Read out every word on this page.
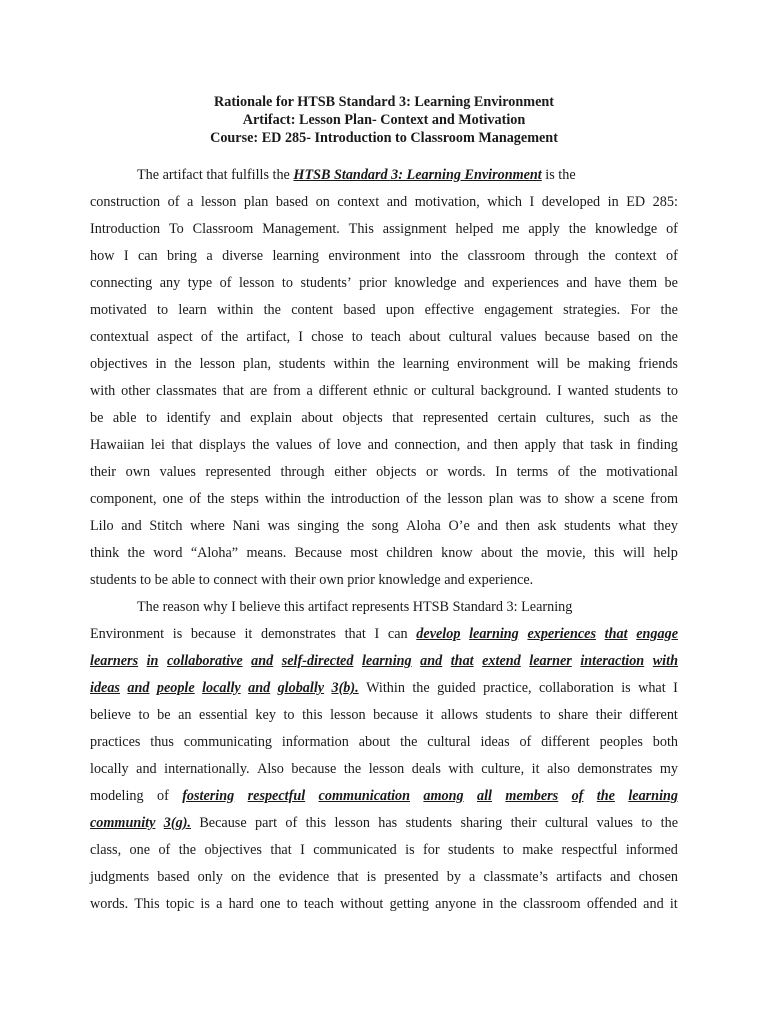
Rationale for HTSB Standard 3: Learning Environment
Artifact: Lesson Plan- Context and Motivation
Course: ED 285- Introduction to Classroom Management
The artifact that fulfills the HTSB Standard 3: Learning Environment is the
construction of a lesson plan based on context and motivation, which I developed in ED 285:
Introduction To Classroom Management. This assignment helped me apply the knowledge of
how I can bring a diverse learning environment into the classroom through the context of
connecting any type of lesson to students’ prior knowledge and experiences and have them be
motivated to learn within the content based upon effective engagement strategies. For the
contextual aspect of the artifact, I chose to teach about cultural values because based on the
objectives in the lesson plan, students within the learning environment will be making friends
with other classmates that are from a different ethnic or cultural background. I wanted students to
be able to identify and explain about objects that represented certain cultures, such as the
Hawaiian lei that displays the values of love and connection, and then apply that task in finding
their own values represented through either objects or words. In terms of the motivational
component, one of the steps within the introduction of the lesson plan was to show a scene from
Lilo and Stitch where Nani was singing the song Aloha O’e and then ask students what they
think the word “Aloha” means. Because most children know about the movie, this will help
students to be able to connect with their own prior knowledge and experience.
The reason why I believe this artifact represents HTSB Standard 3: Learning
Environment is because it demonstrates that I can develop learning experiences that engage
learners in collaborative and self-directed learning and that extend learner interaction with
ideas and people locally and globally 3(b). Within the guided practice, collaboration is what I
believe to be an essential key to this lesson because it allows students to share their different
practices thus communicating information about the cultural ideas of different peoples both
locally and internationally. Also because the lesson deals with culture, it also demonstrates my
modeling of fostering respectful communication among all members of the learning
community 3(g). Because part of this lesson has students sharing their cultural values to the
class, one of the objectives that I communicated is for students to make respectful informed
judgments based only on the evidence that is presented by a classmate’s artifacts and chosen
words. This topic is a hard one to teach without getting anyone in the classroom offended and it
